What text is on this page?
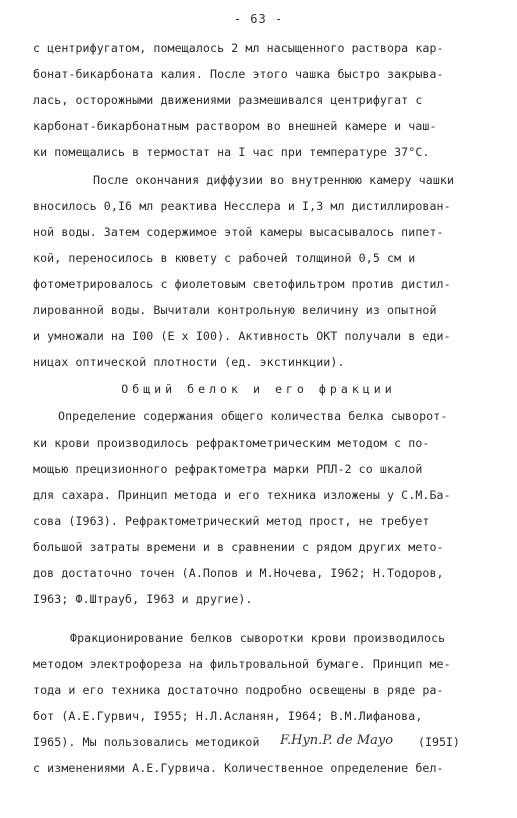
- 63 -
с центрифугатом, помещалось 2 мл насыщенного раствора кар-
бонат-бикарбоната калия. После этого чашка быстро закрыва-
лась, осторожными движениями размешивался центрифугат с
карбонат-бикарбонатным раствором во внешней камере и чаш-
ки помещались в термостат на I час при температуре 37°С.
После окончания диффузии во внутреннюю камеру чашки
вносилось 0,I6 мл реактива Несслера и I,3 мл дистиллирован-
ной воды. Затем содержимое этой камеры высасывалось пипет-
кой, переносилось в кювету с рабочей толщиной 0,5 см и
фотометрировалось с фиолетовым светофильтром против дистил-
лированной воды. Вычитали контрольную величину из опытной
и умножали на I00 (Е х I00). Активность ОКТ получали в еди-
ницах оптической плотности (ед. экстинкции).
Общий белок и его фракции
Определение содержания общего количества белка сыворот-
ки крови производилось рефрактометрическим методом с по-
мощью прецизионного рефрактометра марки РПЛ-2 со шкалой
для сахара. Принцип метода и его техника изложены у С.М.Ба-
сова (I963). Рефрактометрический метод прост, не требует
большой затраты времени и в сравнении с рядом других мето-
дов достаточно точен (А.Попов и М.Ночева, I962; Н.Тодоров,
I963; Ф.Штрауб, I963 и другие).
Фракционирование белков сыворотки крови производилось
методом электрофореза на фильтровальной бумаге. Принцип ме-
тода и его техника достаточно подробно освещены в ряде ра-
бот (А.Е.Гурвич, I955; Н.Л.Асланян, I964; В.М.Лифанова,
I965). Мы пользовались методикой F.Hyn.P. de Mayo (I95I)
с изменениями А.Е.Гурвича. Количественное определение бел-
